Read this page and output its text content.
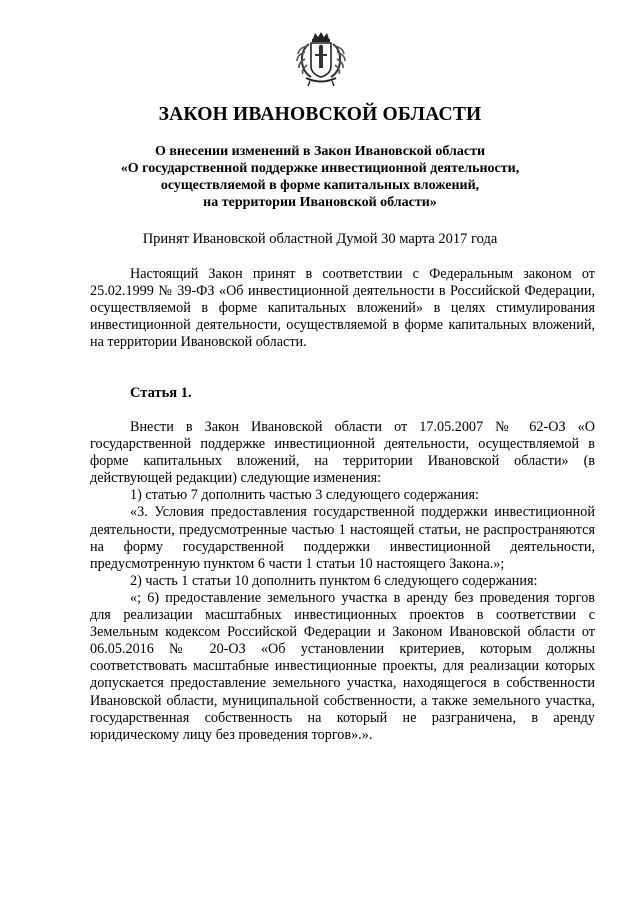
ЗАКОН ИВАНОВСКОЙ ОБЛАСТИ
О внесении изменений в Закон Ивановской области
«О государственной поддержке инвестиционной деятельности,
осуществляемой в форме капитальных вложений,
на территории Ивановской области»
Принят Ивановской областной Думой 30 марта 2017 года

Настоящий Закон принят в соответствии с Федеральным законом от 25.02.1999 № 39-ФЗ «Об инвестиционной деятельности в Российской Федерации, осуществляемой в форме капитальных вложений» в целях стимулирования инвестиционной деятельности, осуществляемой в форме капитальных вложений, на территории Ивановской области.

Статья 1.

Внести в Закон Ивановской области от 17.05.2007 № 62-ОЗ «О государственной поддержке инвестиционной деятельности, осуществляемой в форме капитальных вложений, на территории Ивановской области» (в действующей редакции) следующие изменения:

1) статью 7 дополнить частью 3 следующего содержания:

«3. Условия предоставления государственной поддержки инвестиционной деятельности, предусмотренные частью 1 настоящей статьи, не распространяются на форму государственной поддержки инвестиционной деятельности, предусмотренную пунктом 6 части 1 статьи 10 настоящего Закона.»;

2) часть 1 статьи 10 дополнить пунктом 6 следующего содержания:

«; 6) предоставление земельного участка в аренду без проведения торгов для реализации масштабных инвестиционных проектов в соответствии с Земельным кодексом Российской Федерации и Законом Ивановской области от 06.05.2016 № 20-ОЗ «Об установлении критериев, которым должны соответствовать масштабные инвестиционные проекты, для реализации которых допускается предоставление земельного участка, находящегося в собственности Ивановской области, муниципальной собственности, а также земельного участка, государственная собственность на который не разграничена, в аренду юридическому лицу без проведения торгов».».
